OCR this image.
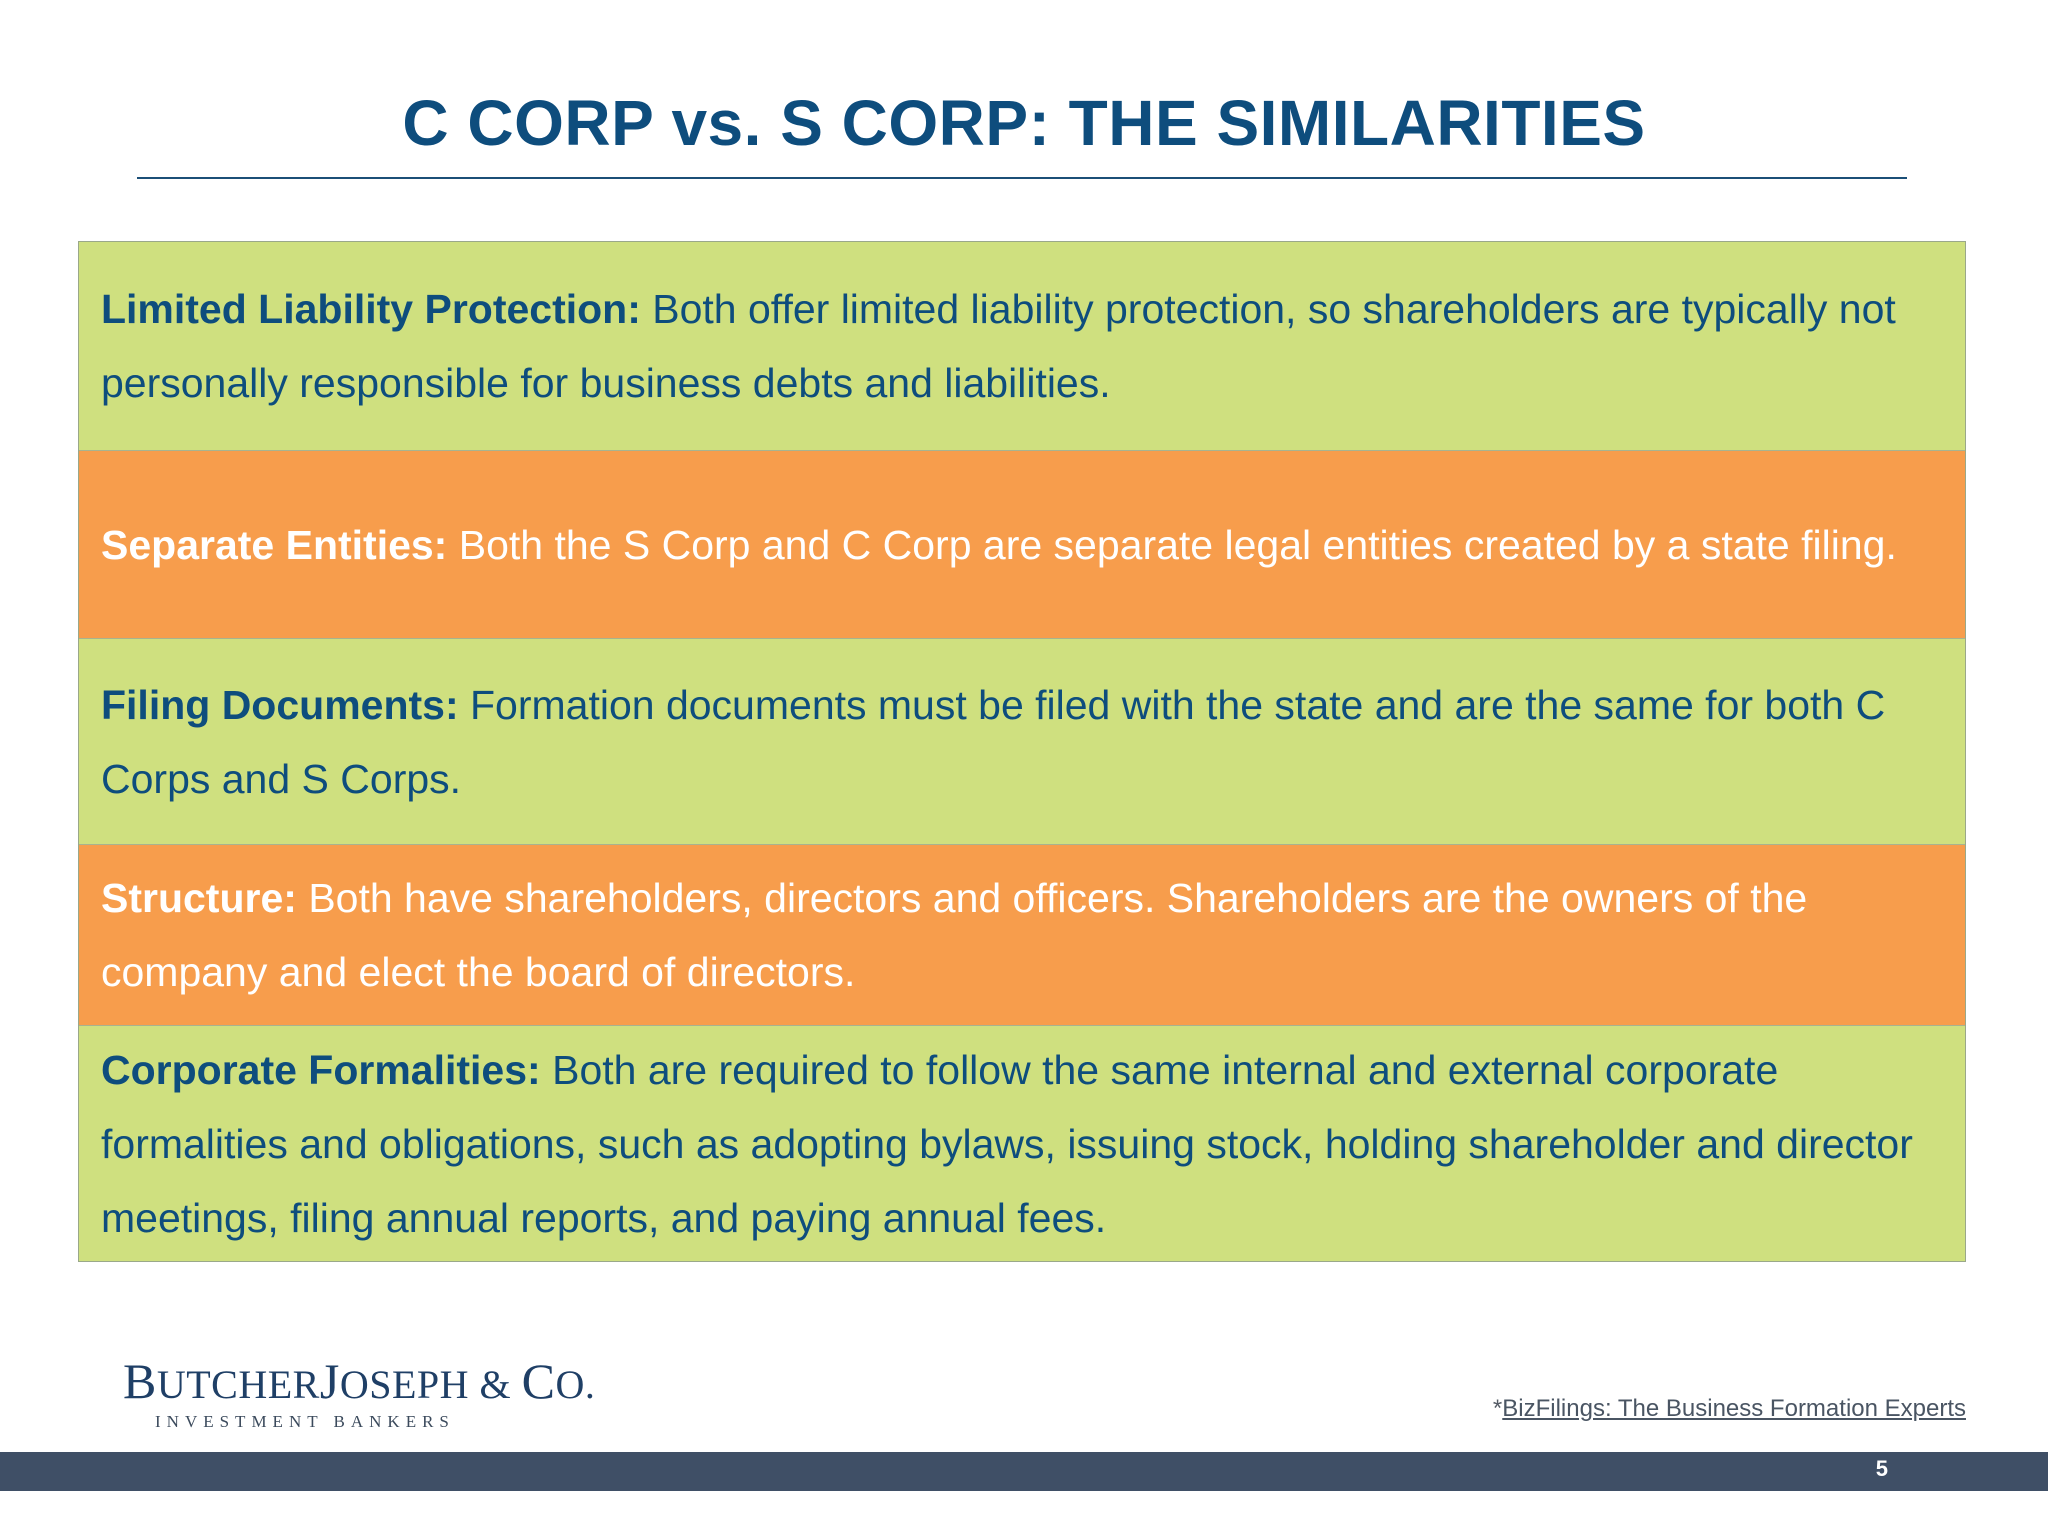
C CORP vs. S CORP: THE SIMILARITIES
Limited Liability Protection: Both offer limited liability protection, so shareholders are typically not personally responsible for business debts and liabilities.
Separate Entities: Both the S Corp and C Corp are separate legal entities created by a state filing.
Filing Documents: Formation documents must be filed with the state and are the same for both C Corps and S Corps.
Structure: Both have shareholders, directors and officers. Shareholders are the owners of the company and elect the board of directors.
Corporate Formalities: Both are required to follow the same internal and external corporate formalities and obligations, such as adopting bylaws, issuing stock, holding shareholder and director meetings, filing annual reports, and paying annual fees.
BUTCHERJOSEPH & CO.
INVESTMENT BANKERS	*BizFilings: The Business Formation Experts
5
